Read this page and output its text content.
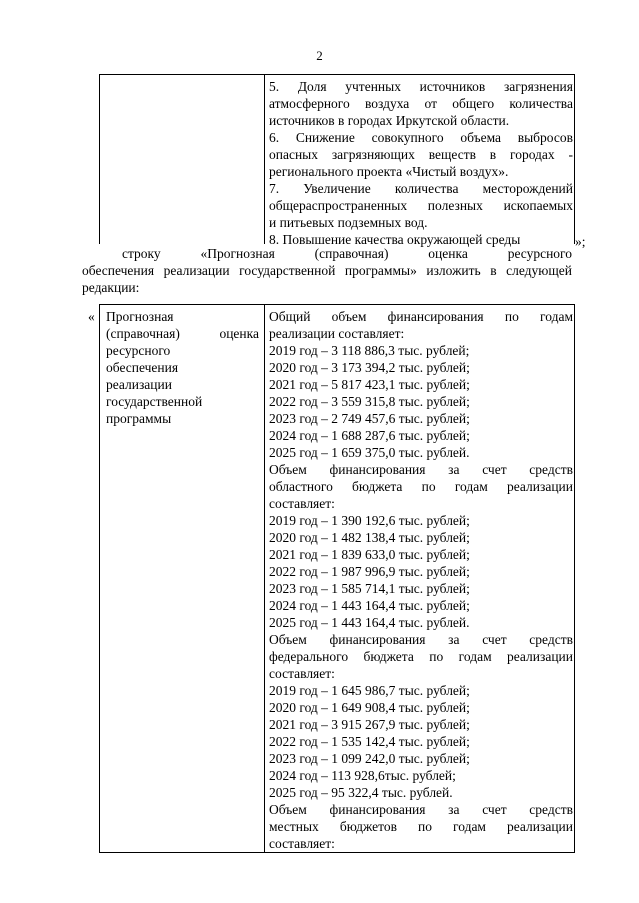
2
5. Доля учтенных источников загрязнения
атмосферного воздуха от общего количества
источников в городах Иркутской области.
6. Снижение совокупного объема выбросов
опасных загрязняющих веществ в городах -
регионального проекта «Чистый воздух».
7. Увеличение количества месторождений
общераспространенных полезных ископаемых
и питьевых подземных вод.
8. Повышение качества окружающей среды	»;
строку «Прогнозная (справочная) оценка ресурсного
обеспечения реализации государственной программы» изложить в следующей
редакции:
« Прогнозная
(справочная) оценка
ресурсного
обеспечения
реализации
государственной
программы
Общий объем финансирования по годам
реализации составляет:
2019 год – 3 118 886,3 тыс. рублей;
2020 год – 3 173 394,2 тыс. рублей;
2021 год – 5 817 423,1 тыс. рублей;
2022 год – 3 559 315,8 тыс. рублей;
2023 год – 2 749 457,6 тыс. рублей;
2024 год – 1 688 287,6 тыс. рублей;
2025 год – 1 659 375,0 тыс. рублей.
Объем финансирования за счет средств
областного бюджета по годам реализации
составляет:
2019 год – 1 390 192,6 тыс. рублей;
2020 год – 1 482 138,4 тыс. рублей;
2021 год – 1 839 633,0 тыс. рублей;
2022 год – 1 987 996,9 тыс. рублей;
2023 год – 1 585 714,1 тыс. рублей;
2024 год – 1 443 164,4 тыс. рублей;
2025 год – 1 443 164,4 тыс. рублей.
Объем финансирования за счет средств
федерального бюджета по годам реализации
составляет:
2019 год – 1 645 986,7 тыс. рублей;
2020 год – 1 649 908,4 тыс. рублей;
2021 год – 3 915 267,9 тыс. рублей;
2022 год – 1 535 142,4 тыс. рублей;
2023 год – 1 099 242,0 тыс. рублей;
2024 год – 113 928,6тыс. рублей;
2025 год – 95 322,4 тыс. рублей.
Объем финансирования за счет средств
местных бюджетов по годам реализации
составляет:
